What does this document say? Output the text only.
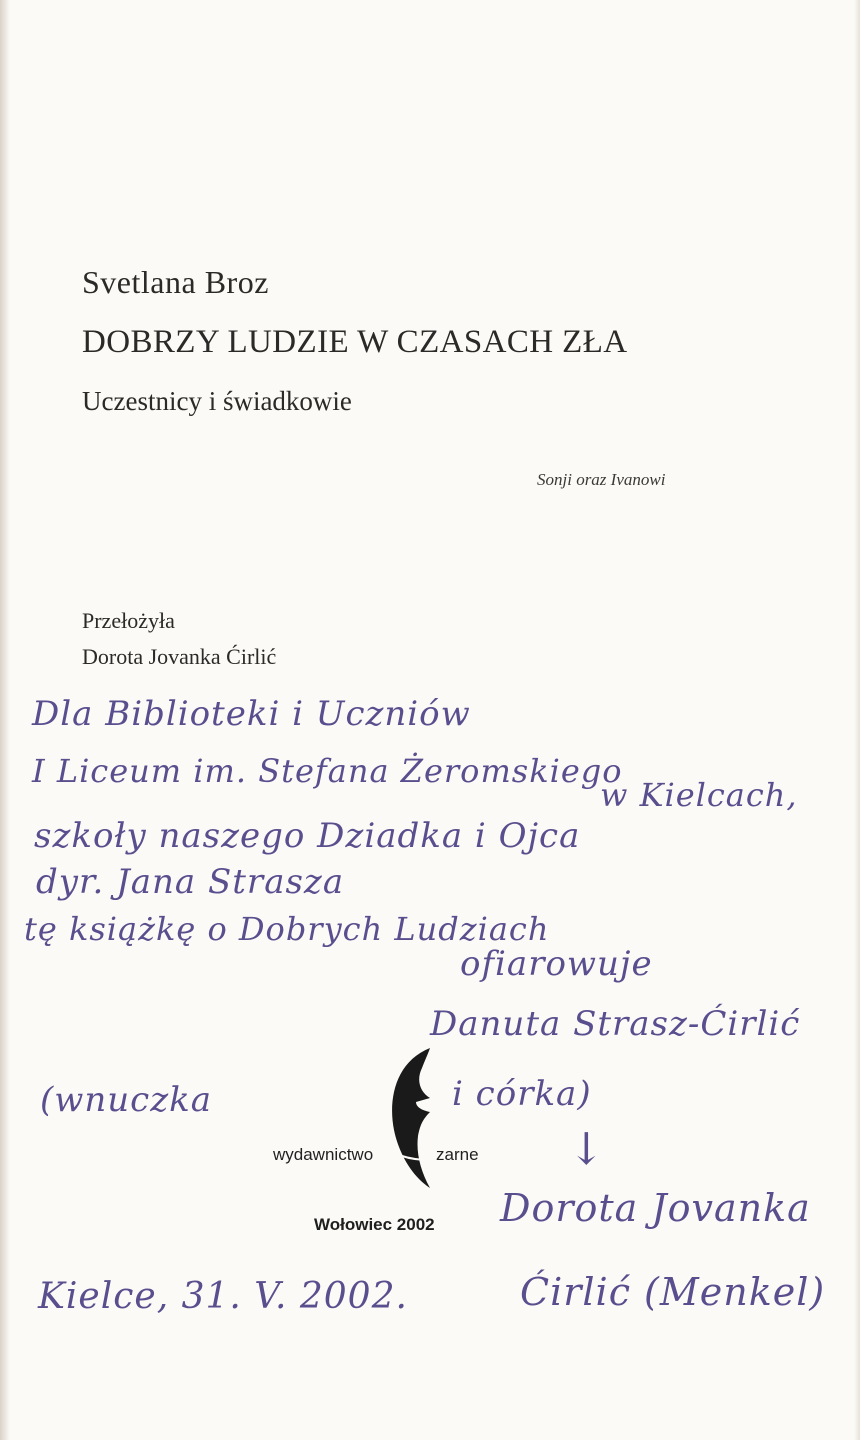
Svetlana Broz
DOBRZY LUDZIE W CZASACH ZŁA
Uczestnicy i świadkowie
Sonji oraz Ivanowi
Przełożyła
Dorota Jovanka Ćirlić
wydawnictwo	zarne
Wołowiec 2002
Dla Biblioteki i Uczniów
I Liceum im. Stefana Żeromskiego
w Kielcach,
szkoły naszego Dziadka i Ojca
dyr. Jana Strasza
tę książkę o Dobrych Ludziach
ofiarowuje
Danuta Strasz-Ćirlić
(wnuczka	i córka)
↓
Dorota Jovanka
Ćirlić (Menkel)
Kielce, 31. V. 2002.
